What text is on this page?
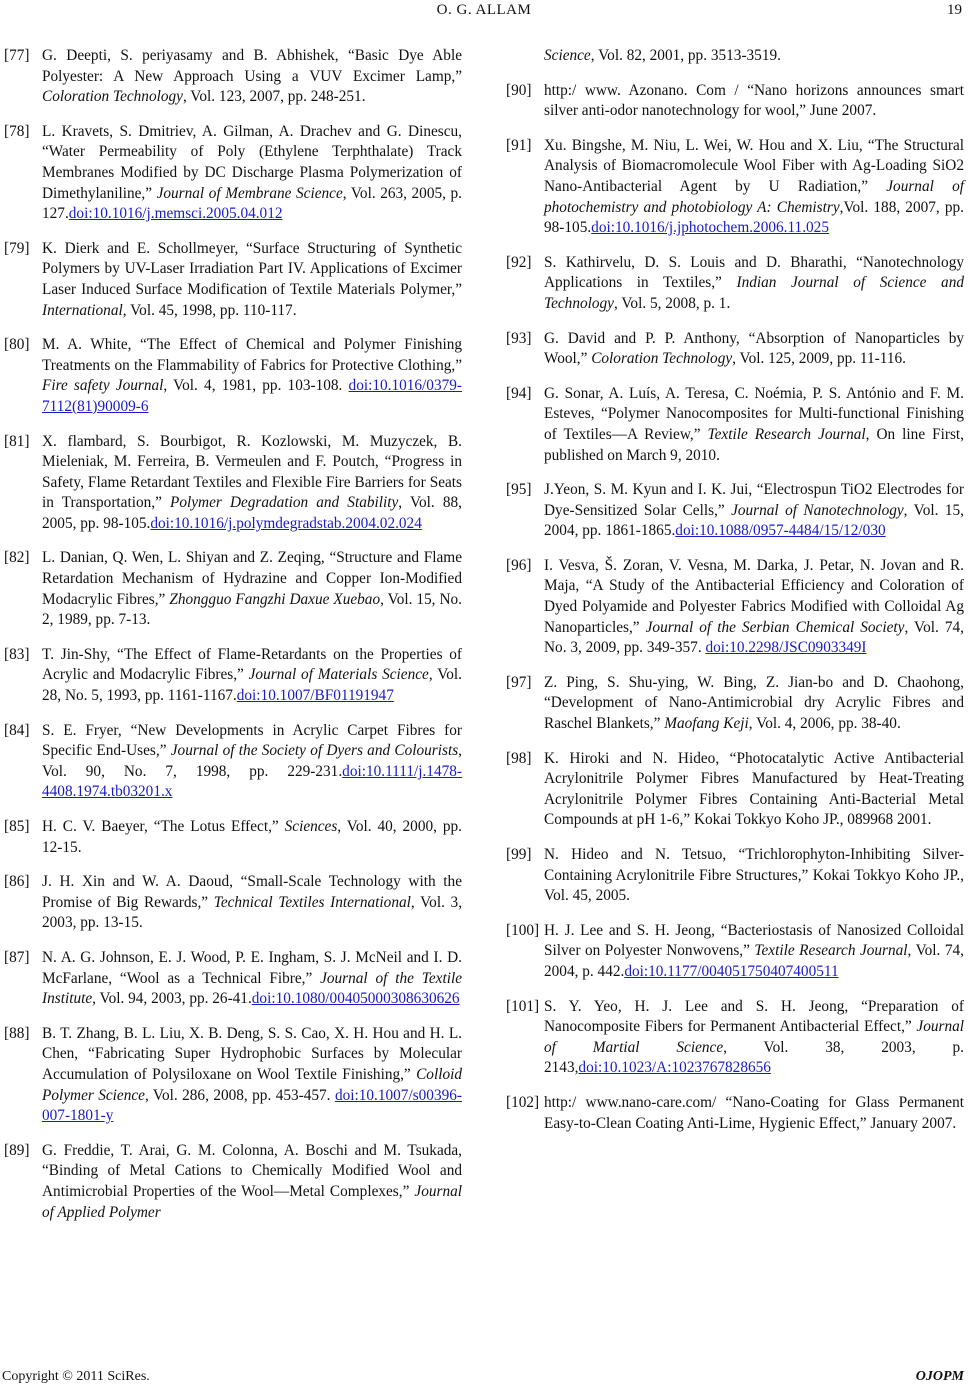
O. G. ALLAM	19
[77] G. Deepti, S. periyasamy and B. Abhishek, “Basic Dye Able Polyester: A New Approach Using a VUV Excimer Lamp,” Coloration Technology, Vol. 123, 2007, pp. 248-251.
[78] L. Kravets, S. Dmitriev, A. Gilman, A. Drachev and G. Dinescu, “Water Permeability of Poly (Ethylene Terphthalate) Track Membranes Modified by DC Discharge Plasma Polymerization of Dimethylaniline,” Journal of Membrane Science, Vol. 263, 2005, p. 127.doi:10.1016/j.memsci.2005.04.012
[79] K. Dierk and E. Schollmeyer, “Surface Structuring of Synthetic Polymers by UV-Laser Irradiation Part IV. Applications of Excimer Laser Induced Surface Modification of Textile Materials Polymer,” International, Vol. 45, 1998, pp. 110-117.
[80] M. A. White, “The Effect of Chemical and Polymer Finishing Treatments on the Flammability of Fabrics for Protective Clothing,” Fire safety Journal, Vol. 4, 1981, pp. 103-108. doi:10.1016/0379-7112(81)90009-6
[81] X. flambard, S. Bourbigot, R. Kozlowski, M. Muzyczek, B. Mieleniak, M. Ferreira, B. Vermeulen and F. Poutch, “Progress in Safety, Flame Retardant Textiles and Flexible Fire Barriers for Seats in Transportation,” Polymer Degradation and Stability, Vol. 88, 2005, pp. 98-105.doi:10.1016/j.polymdegradstab.2004.02.024
[82] L. Danian, Q. Wen, L. Shiyan and Z. Zeqing, “Structure and Flame Retardation Mechanism of Hydrazine and Copper Ion-Modified Modacrylic Fibres,” Zhongguo Fangzhi Daxue Xuebao, Vol. 15, No. 2, 1989, pp. 7-13.
[83] T. Jin-Shy, “The Effect of Flame-Retardants on the Properties of Acrylic and Modacrylic Fibres,” Journal of Materials Science, Vol. 28, No. 5, 1993, pp. 1161-1167.doi:10.1007/BF01191947
[84] S. E. Fryer, “New Developments in Acrylic Carpet Fibres for Specific End-Uses,” Journal of the Society of Dyers and Colourists, Vol. 90, No. 7, 1998, pp. 229-231.doi:10.1111/j.1478-4408.1974.tb03201.x
[85] H. C. V. Baeyer, “The Lotus Effect,” Sciences, Vol. 40, 2000, pp. 12-15.
[86] J. H. Xin and W. A. Daoud, “Small-Scale Technology with the Promise of Big Rewards,” Technical Textiles International, Vol. 3, 2003, pp. 13-15.
[87] N. A. G. Johnson, E. J. Wood, P. E. Ingham, S. J. McNeil and I. D. McFarlane, “Wool as a Technical Fibre,” Journal of the Textile Institute, Vol. 94, 2003, pp. 26-41.doi:10.1080/00405000308630626
[88] B. T. Zhang, B. L. Liu, X. B. Deng, S. S. Cao, X. H. Hou and H. L. Chen, “Fabricating Super Hydrophobic Surfaces by Molecular Accumulation of Polysiloxane on Wool Textile Finishing,” Colloid Polymer Science, Vol. 286, 2008, pp. 453-457. doi:10.1007/s00396-007-1801-y
[89] G. Freddie, T. Arai, G. M. Colonna, A. Boschi and M. Tsukada, “Binding of Metal Cations to Chemically Modified Wool and Antimicrobial Properties of the Wool—Metal Complexes,” Journal of Applied Polymer
Science, Vol. 82, 2001, pp. 3513-3519.
[90] http:/ www. Azonano. Com / “Nano horizons announces smart silver anti-odor nanotechnology for wool,” June 2007.
[91] Xu. Bingshe, M. Niu, L. Wei, W. Hou and X. Liu, “The Structural Analysis of Biomacromolecule Wool Fiber with Ag-Loading SiO2 Nano-Antibacterial Agent by U Radiation,” Journal of photochemistry and photobiology A: Chemistry,Vol. 188, 2007, pp. 98-105.doi:10.1016/j.jphotochem.2006.11.025
[92] S. Kathirvelu, D. S. Louis and D. Bharathi, “Nanotechnology Applications in Textiles,” Indian Journal of Science and Technology, Vol. 5, 2008, p. 1.
[93] G. David and P. P. Anthony, “Absorption of Nanoparticles by Wool,” Coloration Technology, Vol. 125, 2009, pp. 11-116.
[94] G. Sonar, A. Luís, A. Teresa, C. Noémia, P. S. António and F. M. Esteves, “Polymer Nanocomposites for Multi-functional Finishing of Textiles—A Review,” Textile Research Journal, On line First, published on March 9, 2010.
[95] J.Yeon, S. M. Kyun and I. K. Jui, “Electrospun TiO2 Electrodes for Dye-Sensitized Solar Cells,” Journal of Nanotechnology, Vol. 15, 2004, pp. 1861-1865.doi:10.1088/0957-4484/15/12/030
[96] I. Vesva, Š. Zoran, V. Vesna, M. Darka, J. Petar, N. Jovan and R. Maja, “A Study of the Antibacterial Efficiency and Coloration of Dyed Polyamide and Polyester Fabrics Modified with Colloidal Ag Nanoparticles,” Journal of the Serbian Chemical Society, Vol. 74, No. 3, 2009, pp. 349-357. doi:10.2298/JSC0903349I
[97] Z. Ping, S. Shu-ying, W. Bing, Z. Jian-bo and D. Chaohong, “Development of Nano-Antimicrobial dry Acrylic Fibres and Raschel Blankets,” Maofang Keji, Vol. 4, 2006, pp. 38-40.
[98] K. Hiroki and N. Hideo, “Photocatalytic Active Antibacterial Acrylonitrile Polymer Fibres Manufactured by Heat-Treating Acrylonitrile Polymer Fibres Containing Anti-Bacterial Metal Compounds at pH 1-6,” Kokai Tokkyo Koho JP., 089968 2001.
[99] N. Hideo and N. Tetsuo, “Trichlorophyton-Inhibiting Silver-Containing Acrylonitrile Fibre Structures,” Kokai Tokkyo Koho JP., Vol. 45, 2005.
[100] H. J. Lee and S. H. Jeong, “Bacteriostasis of Nanosized Colloidal Silver on Polyester Nonwovens,” Textile Research Journal, Vol. 74, 2004, p. 442.doi:10.1177/004051750407400511
[101] S. Y. Yeo, H. J. Lee and S. H. Jeong, “Preparation of Nanocomposite Fibers for Permanent Antibacterial Effect,” Journal of Martial Science, Vol. 38, 2003, p. 2143,doi:10.1023/A:1023767828656
[102] http:/ www.nano-care.com/ “Nano-Coating for Glass Permanent Easy-to-Clean Coating Anti-Lime, Hygienic Effect,” January 2007.
Copyright © 2011 SciRes.	OJOPM
